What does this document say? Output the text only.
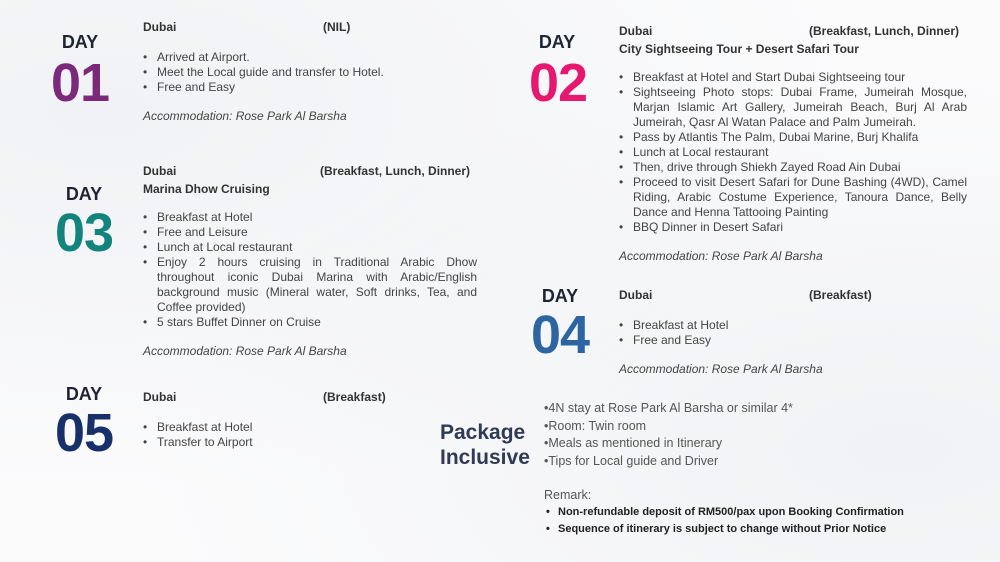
DAY
01
Dubai	(NIL)
• Arrived at Airport.
• Meet the Local guide and transfer to Hotel.
• Free and Easy
Accommodation: Rose Park Al Barsha
DAY
03
Dubai	(Breakfast, Lunch, Dinner)
Marina Dhow Cruising
• Breakfast at Hotel
• Free and Leisure
• Lunch at Local restaurant
• Enjoy 2 hours cruising in Traditional Arabic Dhow throughout iconic Dubai Marina with Arabic/English background music (Mineral water, Soft drinks, Tea, and Coffee provided)
• 5 stars Buffet Dinner on Cruise
Accommodation: Rose Park Al Barsha
DAY
05
Dubai	(Breakfast)
• Breakfast at Hotel
• Transfer to Airport
DAY
02
Dubai	(Breakfast, Lunch, Dinner)
City Sightseeing Tour + Desert Safari Tour
• Breakfast at Hotel and Start Dubai Sightseeing tour
• Sightseeing Photo stops: Dubai Frame, Jumeirah Mosque, Marjan Islamic Art Gallery, Jumeirah Beach, Burj Al Arab Jumeirah, Qasr Al Watan Palace and Palm Jumeirah.
• Pass by Atlantis The Palm, Dubai Marine, Burj Khalifa
• Lunch at Local restaurant
• Then, drive through Shiekh Zayed Road Ain Dubai
• Proceed to visit Desert Safari for Dune Bashing (4WD), Camel Riding, Arabic Costume Experience, Tanoura Dance, Belly Dance and Henna Tattooing Painting
• BBQ Dinner in Desert Safari
Accommodation: Rose Park Al Barsha
DAY
04
Dubai	(Breakfast)
• Breakfast at Hotel
• Free and Easy
Accommodation: Rose Park Al Barsha
Package
Inclusive
•4N stay at Rose Park Al Barsha or similar 4*
•Room: Twin room
•Meals as mentioned in Itinerary
•Tips for Local guide and Driver
Remark:
• Non-refundable deposit of RM500/pax upon Booking Confirmation
• Sequence of itinerary is subject to change without Prior Notice
